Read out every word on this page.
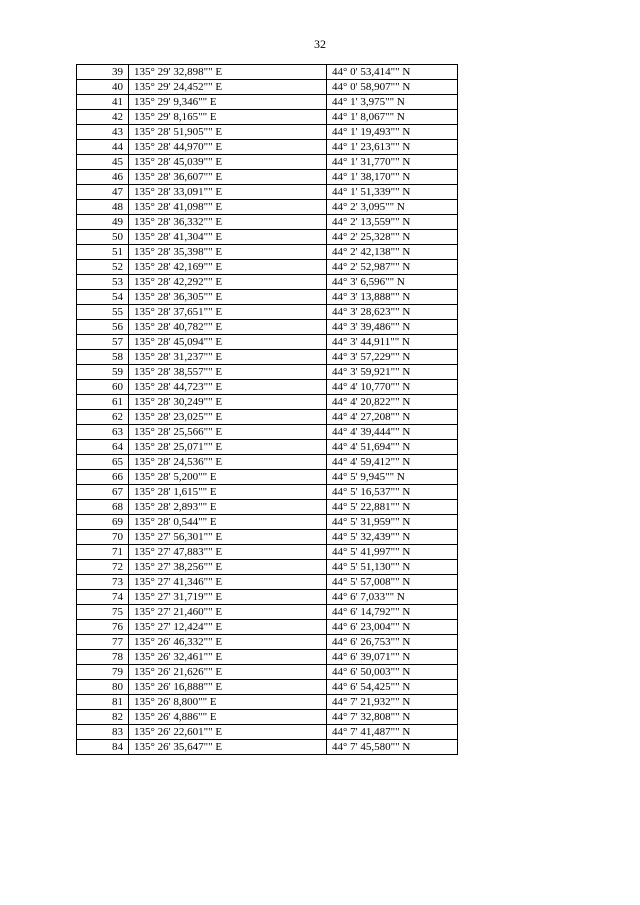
32
39	135° 29' 32,898"" E	44° 0' 53,414"" N
40	135° 29' 24,452"" E	44° 0' 58,907"" N
41	135° 29' 9,346"" E	44° 1' 3,975"" N
42	135° 29' 8,165"" E	44° 1' 8,067"" N
43	135° 28' 51,905"" E	44° 1' 19,493"" N
44	135° 28' 44,970"" E	44° 1' 23,613"" N
45	135° 28' 45,039"" E	44° 1' 31,770"" N
46	135° 28' 36,607"" E	44° 1' 38,170"" N
47	135° 28' 33,091"" E	44° 1' 51,339"" N
48	135° 28' 41,098"" E	44° 2' 3,095"" N
49	135° 28' 36,332"" E	44° 2' 13,559"" N
50	135° 28' 41,304"" E	44° 2' 25,328"" N
51	135° 28' 35,398"" E	44° 2' 42,138"" N
52	135° 28' 42,169"" E	44° 2' 52,987"" N
53	135° 28' 42,292"" E	44° 3' 6,596"" N
54	135° 28' 36,305"" E	44° 3' 13,888"" N
55	135° 28' 37,651"" E	44° 3' 28,623"" N
56	135° 28' 40,782"" E	44° 3' 39,486"" N
57	135° 28' 45,094"" E	44° 3' 44,911"" N
58	135° 28' 31,237"" E	44° 3' 57,229"" N
59	135° 28' 38,557"" E	44° 3' 59,921"" N
60	135° 28' 44,723"" E	44° 4' 10,770"" N
61	135° 28' 30,249"" E	44° 4' 20,822"" N
62	135° 28' 23,025"" E	44° 4' 27,208"" N
63	135° 28' 25,566"" E	44° 4' 39,444"" N
64	135° 28' 25,071"" E	44° 4' 51,694"" N
65	135° 28' 24,536"" E	44° 4' 59,412"" N
66	135° 28' 5,200"" E	44° 5' 9,945"" N
67	135° 28' 1,615"" E	44° 5' 16,537"" N
68	135° 28' 2,893"" E	44° 5' 22,881"" N
69	135° 28' 0,544"" E	44° 5' 31,959"" N
70	135° 27' 56,301"" E	44° 5' 32,439"" N
71	135° 27' 47,883"" E	44° 5' 41,997"" N
72	135° 27' 38,256"" E	44° 5' 51,130"" N
73	135° 27' 41,346"" E	44° 5' 57,008"" N
74	135° 27' 31,719"" E	44° 6' 7,033"" N
75	135° 27' 21,460"" E	44° 6' 14,792"" N
76	135° 27' 12,424"" E	44° 6' 23,004"" N
77	135° 26' 46,332"" E	44° 6' 26,753"" N
78	135° 26' 32,461"" E	44° 6' 39,071"" N
79	135° 26' 21,626"" E	44° 6' 50,003"" N
80	135° 26' 16,888"" E	44° 6' 54,425"" N
81	135° 26' 8,800"" E	44° 7' 21,932"" N
82	135° 26' 4,886"" E	44° 7' 32,808"" N
83	135° 26' 22,601"" E	44° 7' 41,487"" N
84	135° 26' 35,647"" E	44° 7' 45,580"" N
